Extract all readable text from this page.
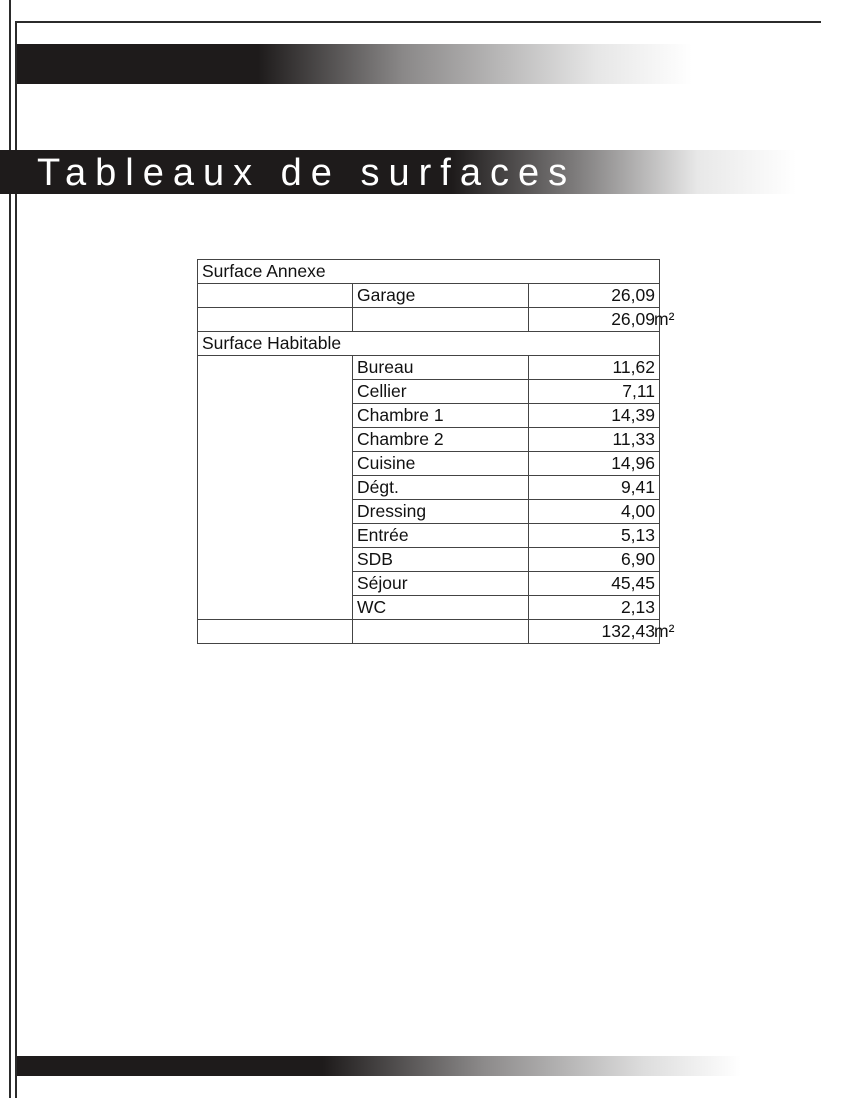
Tableaux de surfaces
Surface Annexe		
	Garage	26,09
		26,09 m²

Surface Habitable		
	Bureau	11,62
	Cellier	7,11
	Chambre 1	14,39
	Chambre 2	11,33
	Cuisine	14,96
	Dégt.	9,41
	Dressing	4,00
	Entrée	5,13
	SDB	6,90
	Séjour	45,45
	WC	2,13
		132,43 m²
